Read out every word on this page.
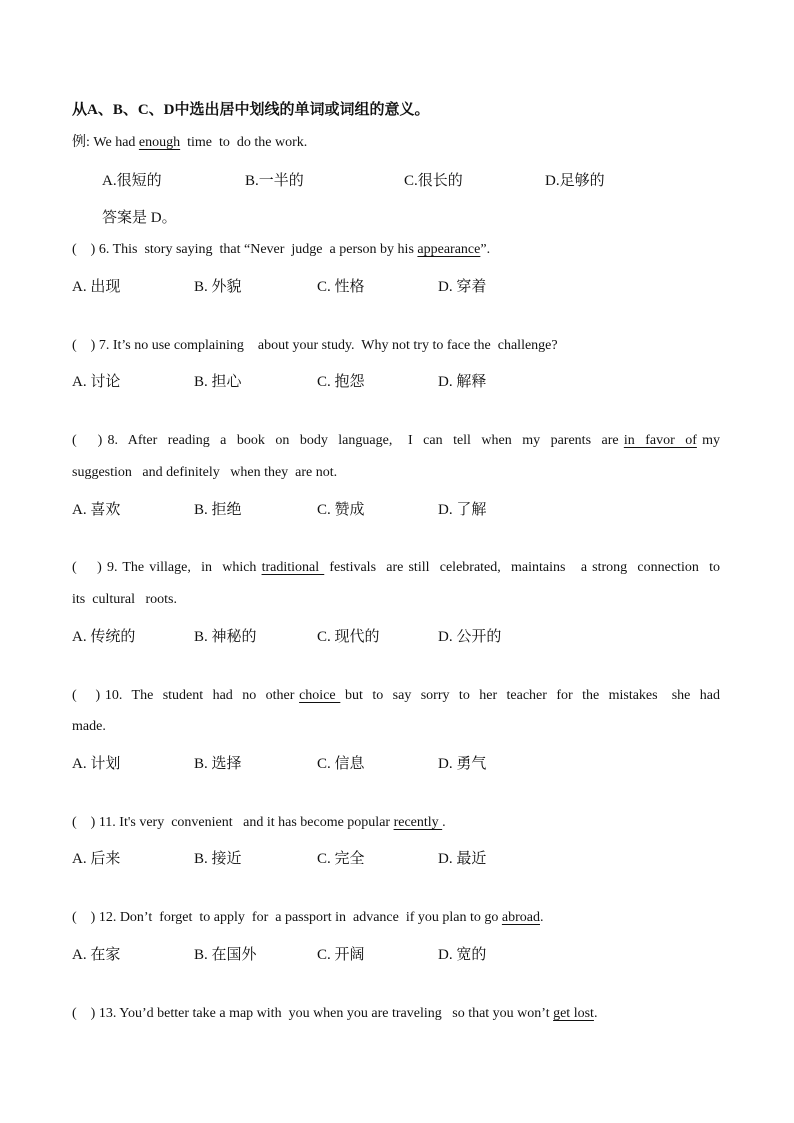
从A、B、C、D中选出居中划线的单词或词组的意义。
例: We had enough  time  to  do the work.
A.很短的	B.一半的	C.很长的	D.足够的
答案是 D。
(    ) 6. This  story saying  that “Never  judge  a person by his appearance”.
A. 出现	B. 外貌	C. 性格	D. 穿着
(    ) 7. It’s no use complaining    about your study.  Why not try to face the  challenge?
A. 讨论	B. 担心	C. 抱怨	D. 解释
(    ) 8.  After  reading  a  book  on  body  language,   I  can  tell  when  my  parents  are in  favor  of my
suggestion   and definitely   when they  are not.
A. 喜欢	B. 拒绝	C. 赞成	D. 了解
(    ) 9. The village,  in  which traditional  festivals  are still  celebrated,  maintains   a strong  connection  to
its  cultural   roots.
A. 传统的	B. 神秘的	C. 现代的	D. 公开的
(    ) 10.  The  student  had  no  other choice  but  to  say  sorry  to  her  teacher  for  the  mistakes   she  had
made.
A. 计划	B. 选择	C. 信息	D. 勇气
(    ) 11. It's very  convenient   and it has become popular recently .
A. 后来	B. 接近	C. 完全	D. 最近
(    ) 12. Don’t  forget  to apply  for  a passport in  advance  if you plan to go abroad.
A. 在家	B. 在国外	C. 开阔	D. 宽的
(    ) 13. You’d better take a map with  you when you are traveling   so that you won’t get lost.
